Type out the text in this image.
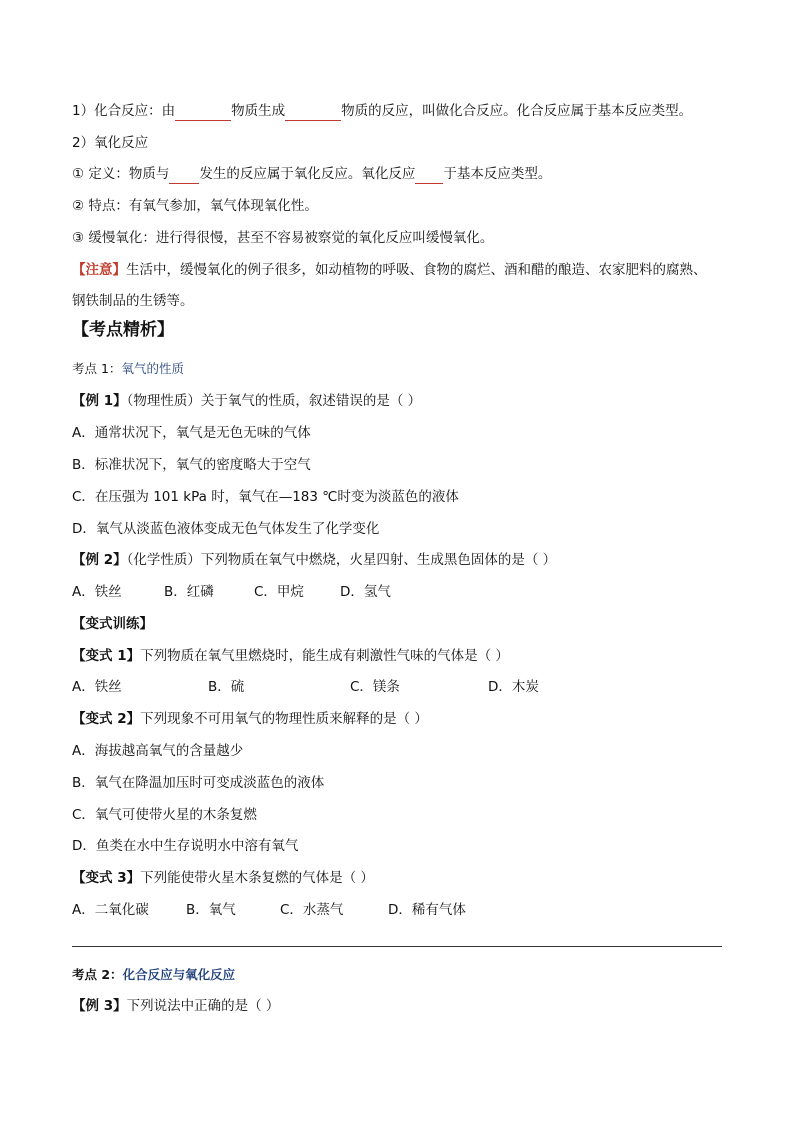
1）化合反应：由	物质生成	物质的反应，叫做化合反应。化合反应属于基本反应类型。
2）氧化反应
① 定义：物质与 发生的反应属于氧化反应。氧化反应 于基本反应类型。
② 特点：有氧气参加，氧气体现氧化性。
③ 缓慢氧化：进行得很慢，甚至不容易被察觉的氧化反应叫缓慢氧化。
【注意】生活中，缓慢氧化的例子很多，如动植物的呼吸、食物的腐烂、酒和醋的酿造、农家肥料的腐熟、
钢铁制品的生锈等。
【考点精析】
考点 1：氧气的性质
【例 1】（物理性质）关于氧气的性质，叙述错误的是（ ）
A．通常状况下，氧气是无色无味的气体
B．标准状况下，氧气的密度略大于空气
C．在压强为 101 kPa 时，氧气在—183 ℃时变为淡蓝色的液体
D．氧气从淡蓝色液体变成无色气体发生了化学变化
【例 2】（化学性质）下列物质在氧气中燃烧，火星四射、生成黑色固体的是（ ）
A．铁丝	B．红磷	C．甲烷	D．氢气
【变式训练】
【变式 1】下列物质在氧气里燃烧时，能生成有刺激性气味的气体是（ ）
A．铁丝	B．硫	C．镁条	D．木炭
【变式 2】下列现象不可用氧气的物理性质来解释的是（ ）
A．海拔越高氧气的含量越少
B．氧气在降温加压时可变成淡蓝色的液体
C．氧气可使带火星的木条复燃
D．鱼类在水中生存说明水中溶有氧气
【变式 3】下列能使带火星木条复燃的气体是（ ）
A．二氧化碳	B．氧气	C．水蒸气	D．稀有气体
考点 2：化合反应与氧化反应
【例 3】下列说法中正确的是（ ）
